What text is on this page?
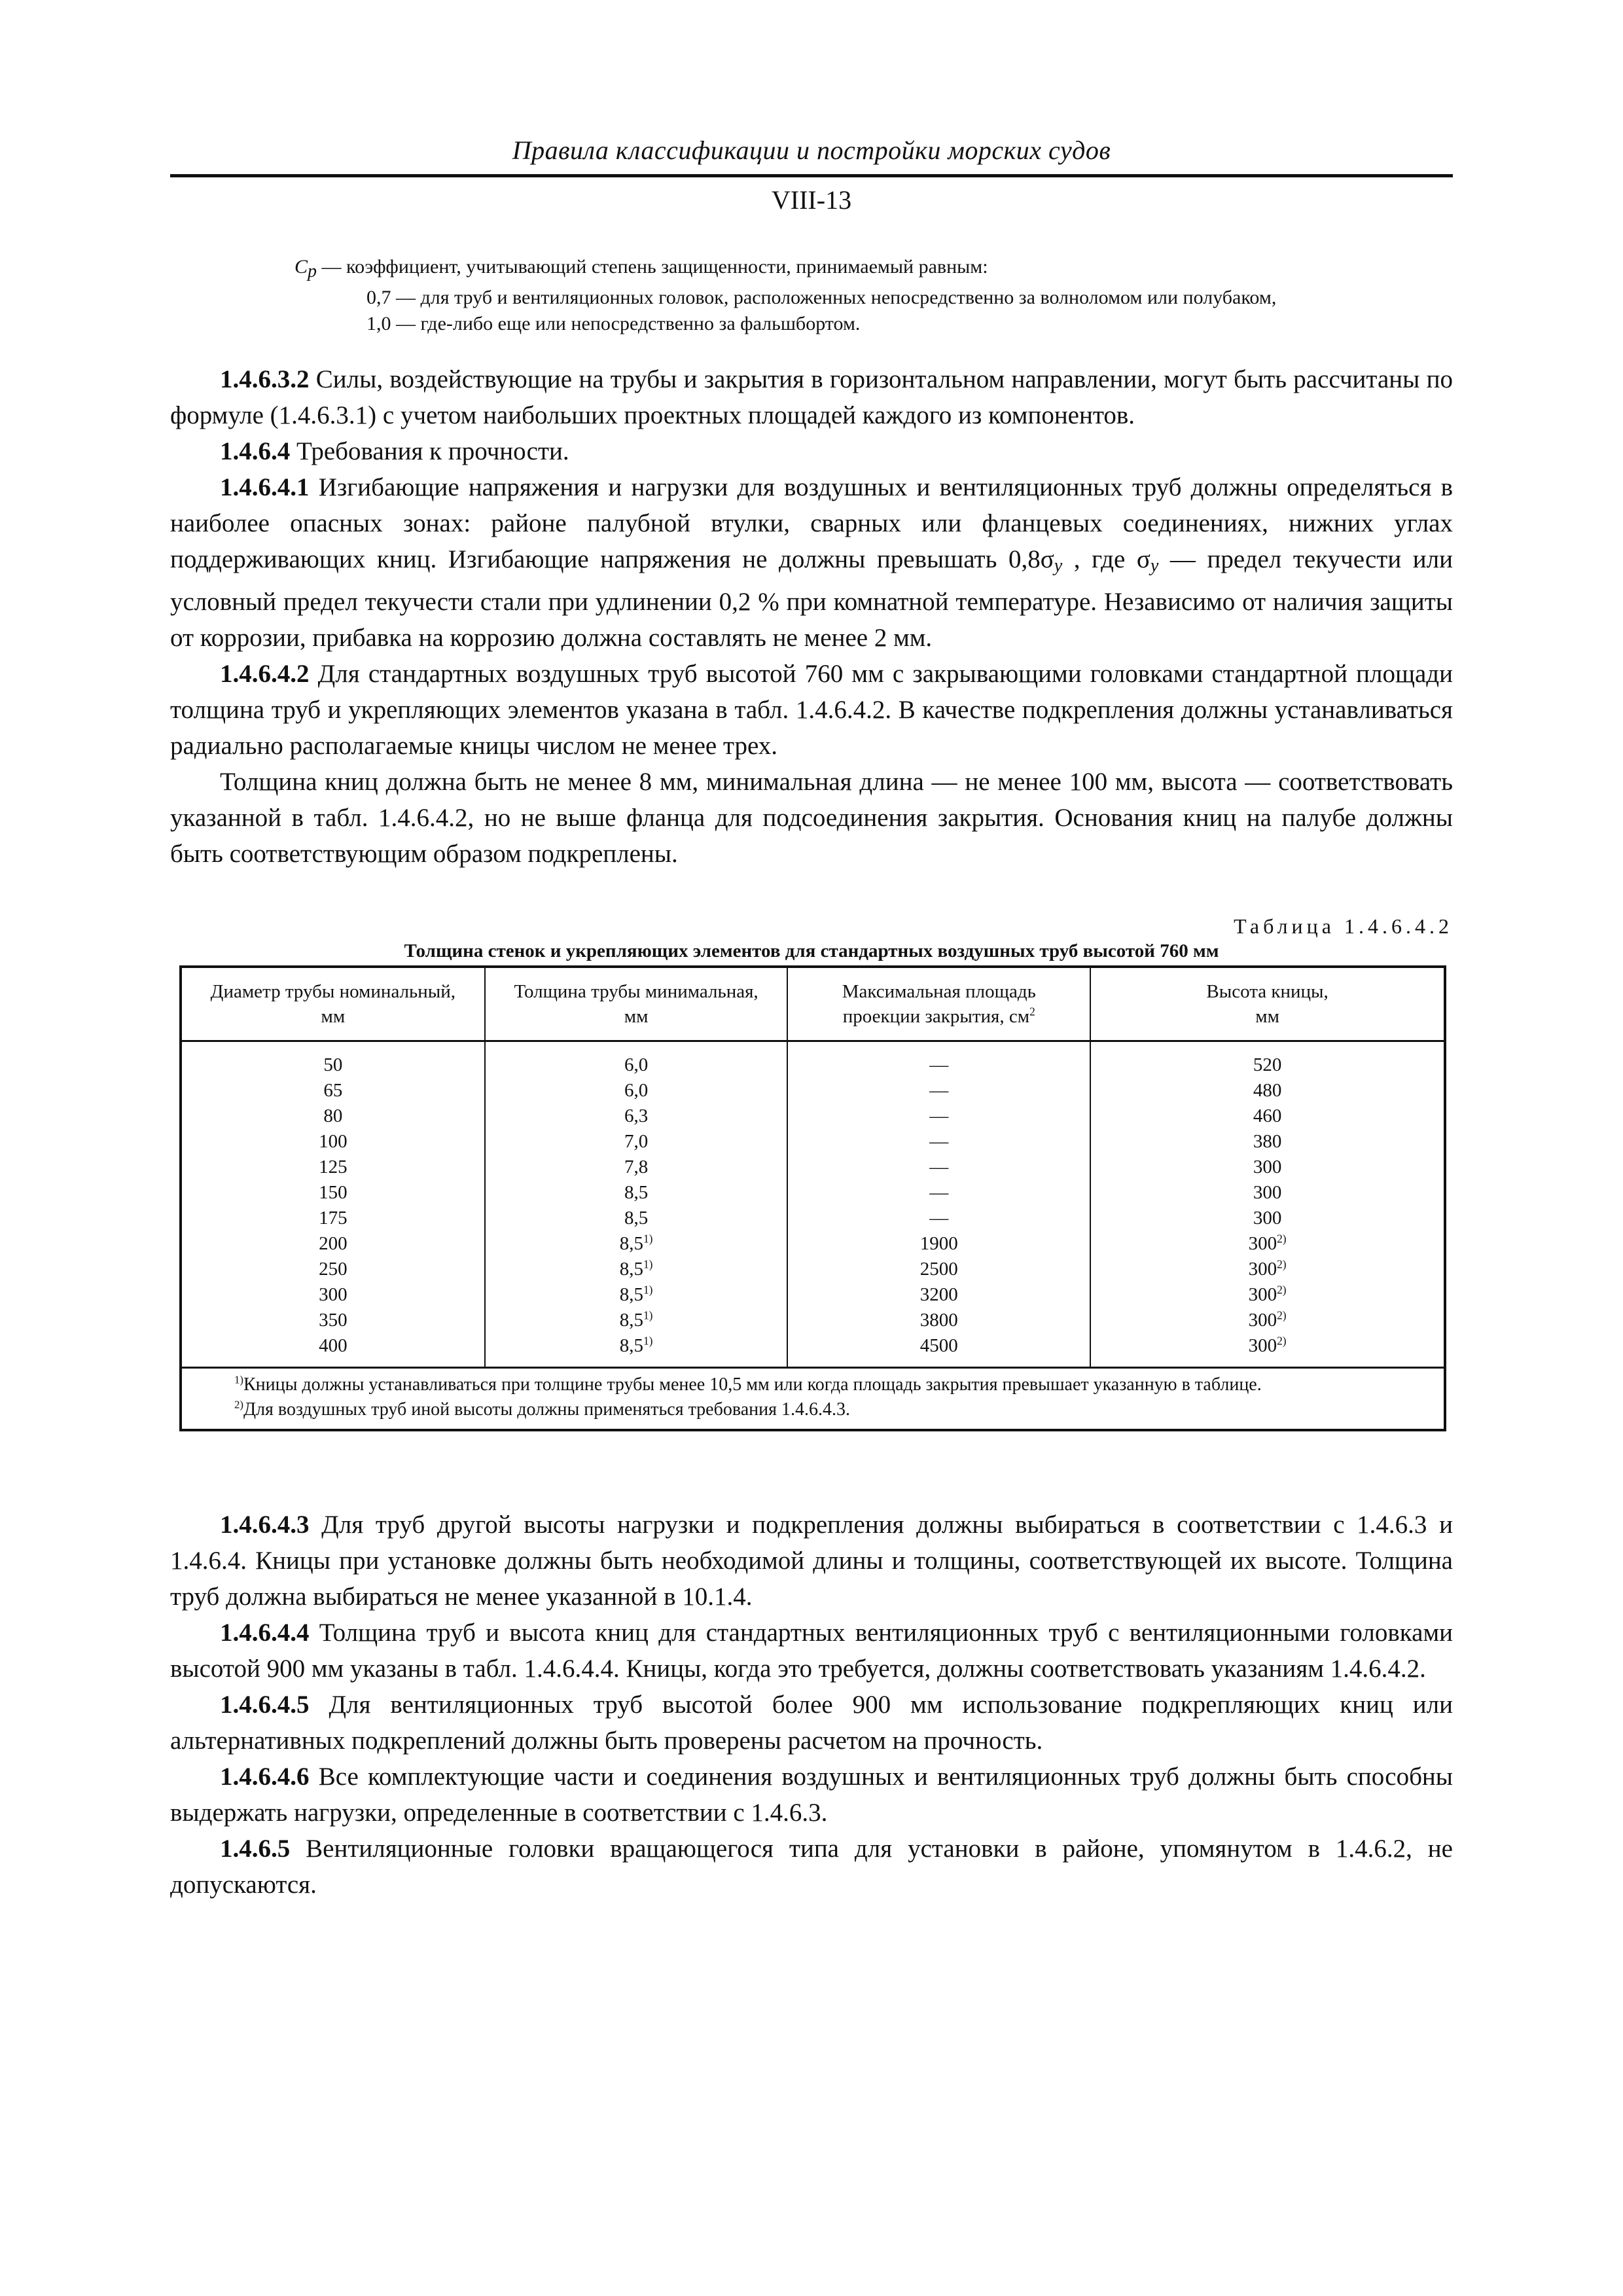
Правила классификации и постройки морских судов
VIII-13
Cp — коэффициент, учитывающий степень защищенности, принимаемый равным:
0,7 — для труб и вентиляционных головок, расположенных непосредственно за волноломом или полубаком,
1,0 — где-либо еще или непосредственно за фальшбортом.

1.4.6.3.2 Силы, воздействующие на трубы и закрытия в горизонтальном направлении, могут быть рассчитаны по формуле (1.4.6.3.1) с учетом наибольших проектных площадей каждого из компонентов.

1.4.6.4 Требования к прочности.

1.4.6.4.1 Изгибающие напряжения и нагрузки для воздушных и вентиляционных труб должны определяться в наиболее опасных зонах: районе палубной втулки, сварных или фланцевых соединениях, нижних углах поддерживающих книц. Изгибающие напряжения не должны превышать $0,8\sigma_y$ , где $\sigma_y$ — предел текучести или условный предел текучести стали при удлинении 0,2 % при комнатной температуре. Независимо от наличия защиты от коррозии, прибавка на коррозию должна составлять не менее 2 мм.

1.4.6.4.2 Для стандартных воздушных труб высотой 760 мм с закрывающими головками стандартной площади толщина труб и укрепляющих элементов указана в табл. 1.4.6.4.2. В качестве подкрепления должны устанавливаться радиально располагаемые кницы числом не менее трех.

Толщина книц должна быть не менее 8 мм, минимальная длина — не менее 100 мм, высота — соответствовать указанной в табл. 1.4.6.4.2, но не выше фланца для подсоединения закрытия. Основания книц на палубе должны быть соответствующим образом подкреплены.

Таблица 1.4.6.4.2
Толщина стенок и укрепляющих элементов для стандартных воздушных труб высотой 760 мм
Диаметр трубы номинальный,
мм	Толщина трубы минимальная,
мм	Максимальная площадь
проекции закрытия, $см^2$	Высота кницы,
мм
50	6,0	—	520
65	6,0	—	480
80	6,3	—	460
100	7,0	—	380
125	7,8	—	300
150	8,5	—	300
175	8,5	—	300
200	8,5$^{1)}$	1900	300$^{2)}$
250	8,5$^{1)}$	2500	300$^{2)}$
300	8,5$^{1)}$	3200	300$^{2)}$
350	8,5$^{1)}$	3800	300$^{2)}$
400	8,5$^{1)}$	4500	300$^{2)}$
$^{1)}$Кницы должны устанавливаться при толщине трубы менее 10,5 мм или когда площадь закрытия превышает указанную в таблице.
$^{2)}$Для воздушных труб иной высоты должны применяться требования 1.4.6.4.3.

1.4.6.4.3 Для труб другой высоты нагрузки и подкрепления должны выбираться в соответствии с 1.4.6.3 и 1.4.6.4. Кницы при установке должны быть необходимой длины и толщины, соответствующей их высоте. Толщина труб должна выбираться не менее указанной в 10.1.4.

1.4.6.4.4 Толщина труб и высота книц для стандартных вентиляционных труб с вентиляционными головками высотой 900 мм указаны в табл. 1.4.6.4.4. Кницы, когда это требуется, должны соответствовать указаниям 1.4.6.4.2.

1.4.6.4.5 Для вентиляционных труб высотой более 900 мм использование подкрепляющих книц или альтернативных подкреплений должны быть проверены расчетом на прочность.

1.4.6.4.6 Все комплектующие части и соединения воздушных и вентиляционных труб должны быть способны выдержать нагрузки, определенные в соответствии с 1.4.6.3.

1.4.6.5 Вентиляционные головки вращающегося типа для установки в районе, упомянутом в 1.4.6.2, не допускаются.
